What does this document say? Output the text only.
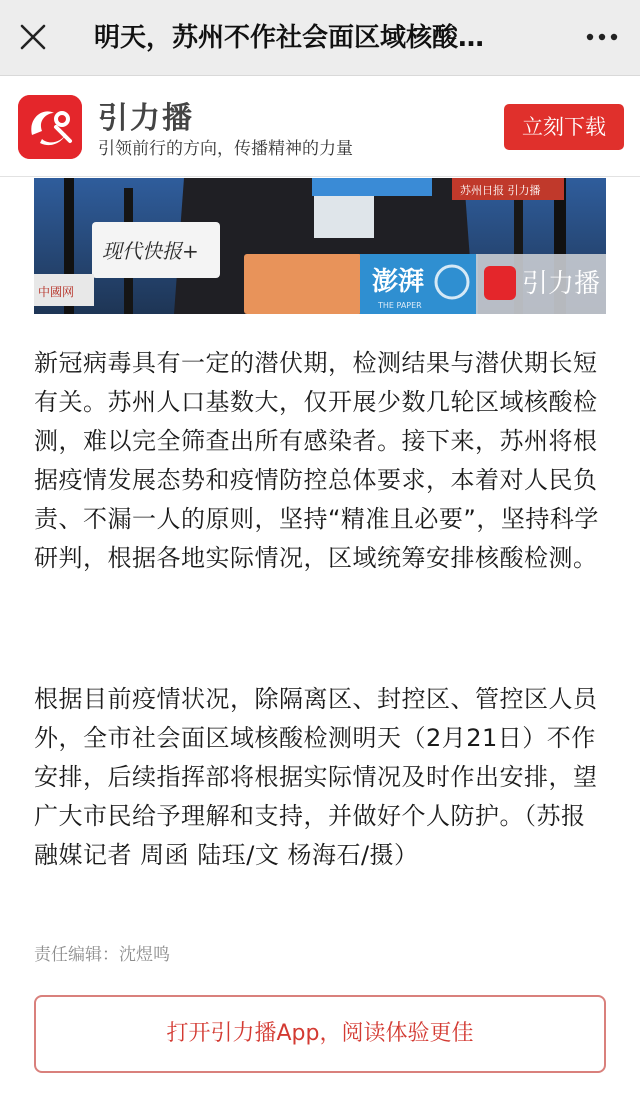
明天，苏州不作社会面区域核酸…
引力播
引领前行的方向，传播精神的力量
立刻下载
现代快报+
澎湃
THE PAPER
引力播
中國网
苏州日报 引力播

新冠病毒具有一定的潜伏期，检测结果与潜伏期长短有关。苏州人口基数大，仅开展少数几轮区域核酸检测，难以完全筛查出所有感染者。接下来，苏州将根据疫情发展态势和疫情防控总体要求，本着对人民负责、不漏一人的原则，坚持“精准且必要”，坚持科学研判，根据各地实际情况，区域统筹安排核酸检测。

根据目前疫情状况，除隔离区、封控区、管控区人员外，全市社会面区域核酸检测明天（2月21日）不作安排，后续指挥部将根据实际情况及时作出安排，望广大市民给予理解和支持，并做好个人防护。（苏报融媒记者 周函 陆珏/文 杨海石/摄）

责任编辑：沈煜鸣
打开引力播App，阅读体验更佳
